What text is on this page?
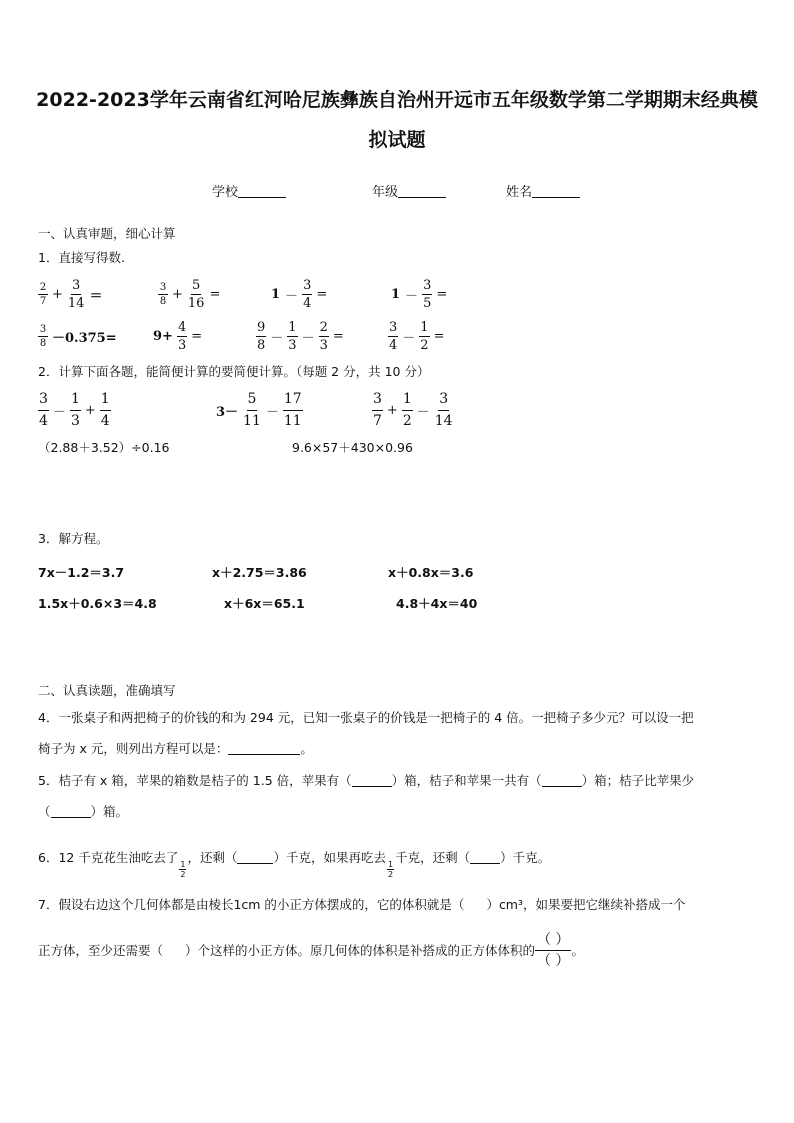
2022-2023学年云南省红河哈尼族彝族自治州开远市五年级数学第二学期期末经典模
拟试题
学校	年级	姓名
一、认真审题，细心计算
1．直接写得数.
$\frac{2}{7} + \frac{3}{14}$ ＝	$\frac{3}{8} + \frac{5}{16}$ =	$1 - \frac{3}{4}$ =	$1 - \frac{3}{5}$ =
$\frac{3}{8} -0.375=$	$9+ \frac{4}{3}$ =	$\frac{9}{8} - \frac{1}{3} - \frac{2}{3}$ =	$\frac{3}{4} - \frac{1}{2}$ =
2．计算下面各题，能简便计算的要简便计算。（每题 2 分，共 10 分）
$\frac{3}{4} - \frac{1}{3} + \frac{1}{4}$	$3- \frac{5}{11} - \frac{17}{11}$	$\frac{3}{7} + \frac{1}{2} - \frac{3}{14}$
（2.88＋3.52）÷0.16	9.6×57＋430×0.96
3．解方程。
7x－1.2＝3.7	x＋2.75＝3.86	x＋0.8x＝3.6
1.5x＋0.6×3＝4.8	x＋6x＝65.1	4.8＋4x＝40
二、认真读题，准确填写
4．一张桌子和两把椅子的价钱的和为 294 元，已知一张桌子的价钱是一把椅子的 4 倍。一把椅子多少元？可以设一把
椅子为 x 元，则列出方程可以是：	。
5．桔子有 x 箱，苹果的箱数是桔子的 1.5 倍，苹果有（	）箱，桔子和苹果一共有（	）箱；桔子比苹果少
（	）箱。
6．12 千克花生油吃去了
$\frac{1}{2}$
，还剩（	）千克，如果再吃去
$\frac{1}{2}$
千克，还剩（ ）千克。
7．假设右边这个几何体都是由棱长1cm 的小正方体摆成的，它的体积就是（ ）cm³，如果要把它继续补搭成一个
正方体，至少还需要（ ）个这样的小正方体。原几何体的体积是补搭成的正方体体积的
（ ）
（ ）
。
